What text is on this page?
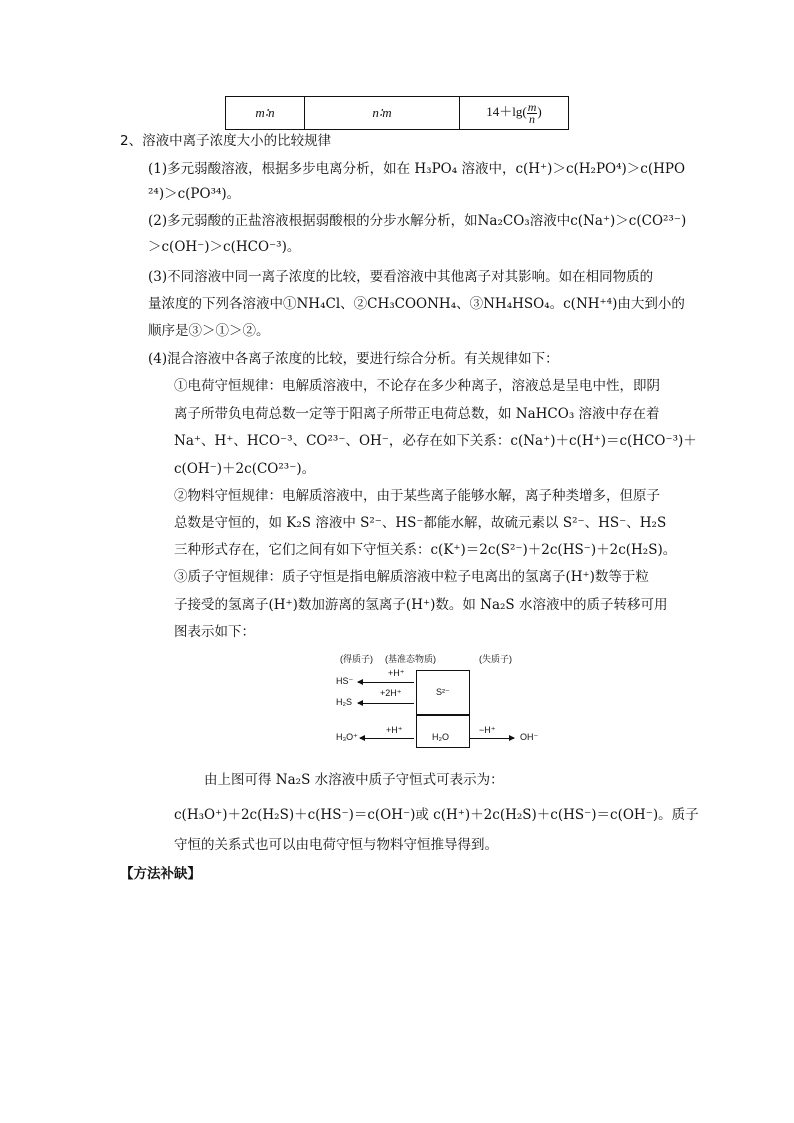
m∶n	n∶m	$14+\lg( \frac{m}{n}$ )
2、溶液中离子浓度大小的比较规律
(1)多元弱酸溶液，根据多步电离分析，如在 H₃PO₄ 溶液中，c(H⁺)＞c(H₂PO⁴)＞c(HPO
²⁴)＞c(PO³⁴)。
(2)多元弱酸的正盐溶液根据弱酸根的分步水解分析，如Na₂CO₃溶液中c(Na⁺)＞c(CO²³⁻)
＞c(OH⁻)＞c(HCO⁻³)。
(3)不同溶液中同一离子浓度的比较，要看溶液中其他离子对其影响。如在相同物质的
量浓度的下列各溶液中①NH₄Cl、②CH₃COONH₄、③NH₄HSO₄。c(NH⁺⁴)由大到小的
顺序是③＞①＞②。
(4)混合溶液中各离子浓度的比较，要进行综合分析。有关规律如下：
①电荷守恒规律：电解质溶液中，不论存在多少种离子，溶液总是呈电中性，即阴
离子所带负电荷总数一定等于阳离子所带正电荷总数，如 NaHCO₃ 溶液中存在着
Na⁺、H⁺、HCO⁻³、CO²³⁻、OH⁻，必存在如下关系：c(Na⁺)＋c(H⁺)＝c(HCO⁻³)＋
c(OH⁻)＋2c(CO²³⁻)。
②物料守恒规律：电解质溶液中，由于某些离子能够水解，离子种类增多，但原子
总数是守恒的，如 K₂S 溶液中 S²⁻、HS⁻都能水解，故硫元素以 S²⁻、HS⁻、H₂S
三种形式存在，它们之间有如下守恒关系：c(K⁺)＝2c(S²⁻)＋2c(HS⁻)＋2c(H₂S)。
③质子守恒规律：质子守恒是指电解质溶液中粒子电离出的氢离子(H⁺)数等于粒
子接受的氢离子(H⁺)数加游离的氢离子(H⁺)数。如 Na₂S 水溶液中的质子转移可用
图表示如下：
(得质子) (基准态物质)	(失质子)
S²⁻
H₂O
HS⁻
+H⁺
H₂S
+2H⁺
H₃O⁺
+H⁺	−H⁺
OH⁻
由上图可得 Na₂S 水溶液中质子守恒式可表示为：
c(H₃O⁺)＋2c(H₂S)＋c(HS⁻)＝c(OH⁻)或 c(H⁺)＋2c(H₂S)＋c(HS⁻)＝c(OH⁻)。质子
守恒的关系式也可以由电荷守恒与物料守恒推导得到。
【方法补缺】
